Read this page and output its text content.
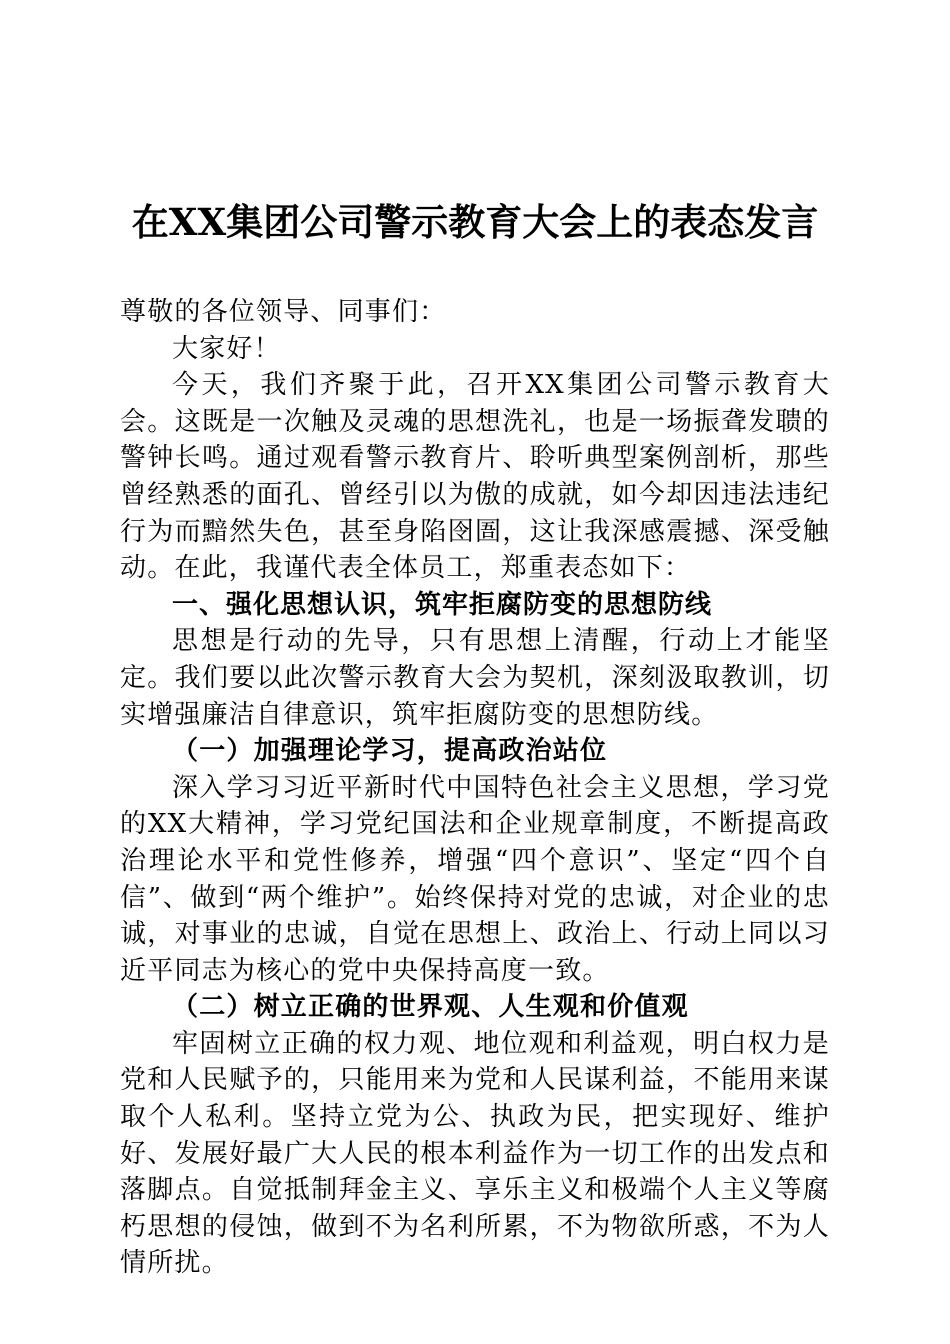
在XX集团公司警示教育大会上的表态发言

尊敬的各位领导、同事们：

大家好！

今天，我们齐聚于此，召开XX集团公司警示教育大会。这既是一次触及灵魂的思想洗礼，也是一场振聋发聩的警钟长鸣。通过观看警示教育片、聆听典型案例剖析，那些曾经熟悉的面孔、曾经引以为傲的成就，如今却因违法违纪行为而黯然失色，甚至身陷囹圄，这让我深感震撼、深受触动。在此，我谨代表全体员工，郑重表态如下：

一、强化思想认识，筑牢拒腐防变的思想防线

思想是行动的先导，只有思想上清醒，行动上才能坚定。我们要以此次警示教育大会为契机，深刻汲取教训，切实增强廉洁自律意识，筑牢拒腐防变的思想防线。

（一）加强理论学习，提高政治站位

深入学习习近平新时代中国特色社会主义思想，学习党的XX大精神，学习党纪国法和企业规章制度，不断提高政治理论水平和党性修养，增强“四个意识”、坚定“四个自信”、做到“两个维护”。始终保持对党的忠诚，对企业的忠诚，对事业的忠诚，自觉在思想上、政治上、行动上同以习近平同志为核心的党中央保持高度一致。

（二）树立正确的世界观、人生观和价值观

牢固树立正确的权力观、地位观和利益观，明白权力是党和人民赋予的，只能用来为党和人民谋利益，不能用来谋取个人私利。坚持立党为公、执政为民，把实现好、维护好、发展好最广大人民的根本利益作为一切工作的出发点和落脚点。自觉抵制拜金主义、享乐主义和极端个人主义等腐朽思想的侵蚀，做到不为名利所累，不为物欲所惑，不为人情所扰。
